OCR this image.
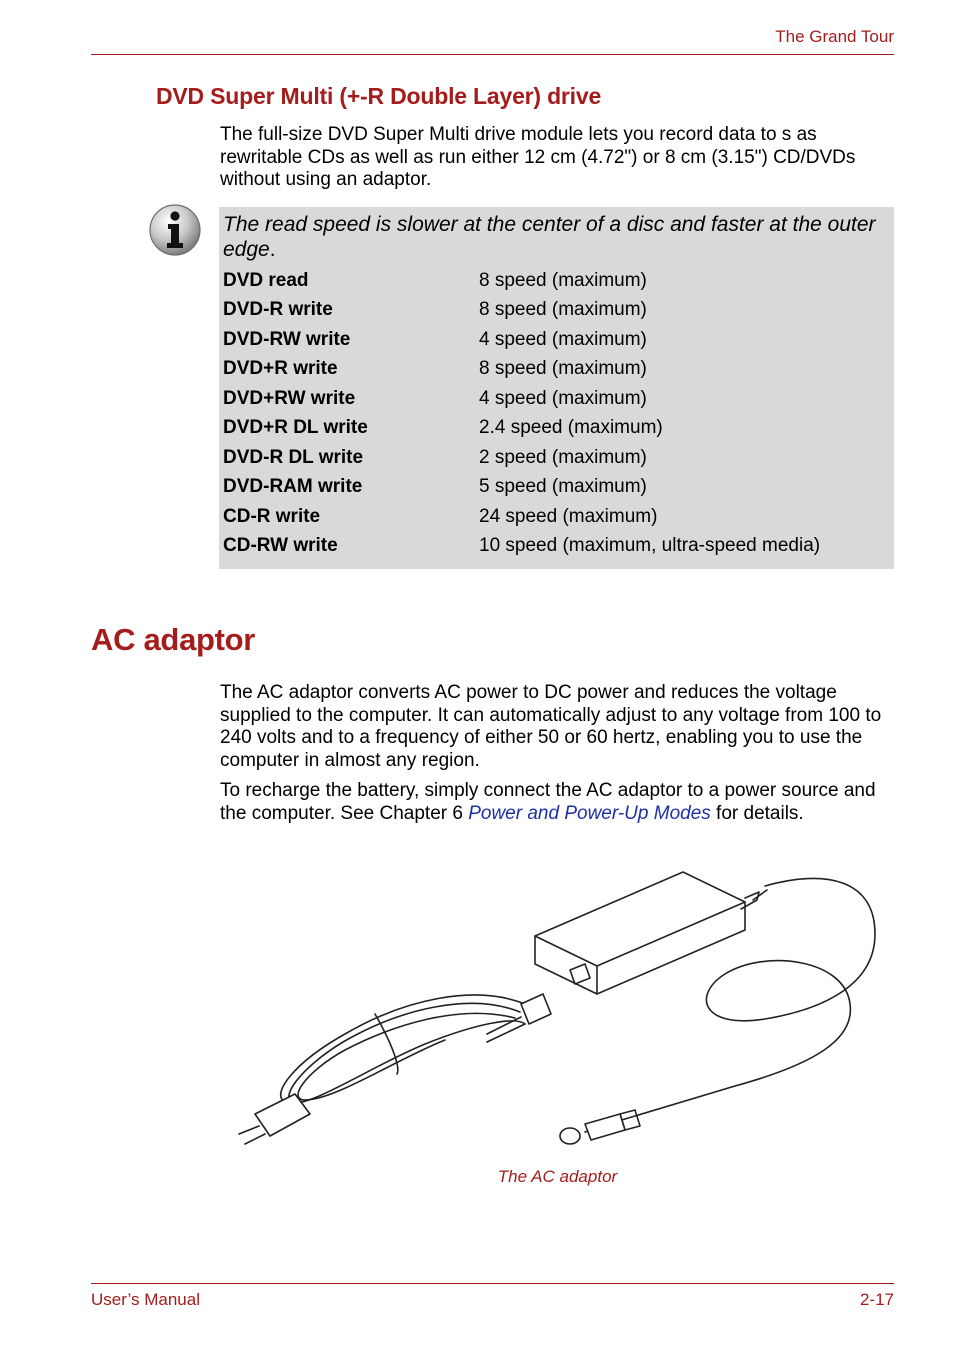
The Grand Tour
DVD Super Multi (+-R Double Layer) drive

The full-size DVD Super Multi drive module lets you record data to s as rewritable CDs as well as run either 12 cm (4.72") or 8 cm (3.15") CD/DVDs without using an adaptor.

The read speed is slower at the center of a disc and faster at the outer edge.

DVD read	8 speed (maximum)
DVD-R write	8 speed (maximum)
DVD-RW write	4 speed (maximum)
DVD+R write	8 speed (maximum)
DVD+RW write	4 speed (maximum)
DVD+R DL write	2.4 speed (maximum)
DVD-R DL write	2 speed (maximum)
DVD-RAM write	5 speed (maximum)
CD-R write	24 speed (maximum)
CD-RW write	10 speed (maximum, ultra-speed media)
AC adaptor

The AC adaptor converts AC power to DC power and reduces the voltage supplied to the computer. It can automatically adjust to any voltage from 100 to 240 volts and to a frequency of either 50 or 60 hertz, enabling you to use the computer in almost any region.

To recharge the battery, simply connect the AC adaptor to a power source and the computer. See Chapter 6 Power and Power-Up Modes for details.

The AC adaptor

User’s Manual	2-17
